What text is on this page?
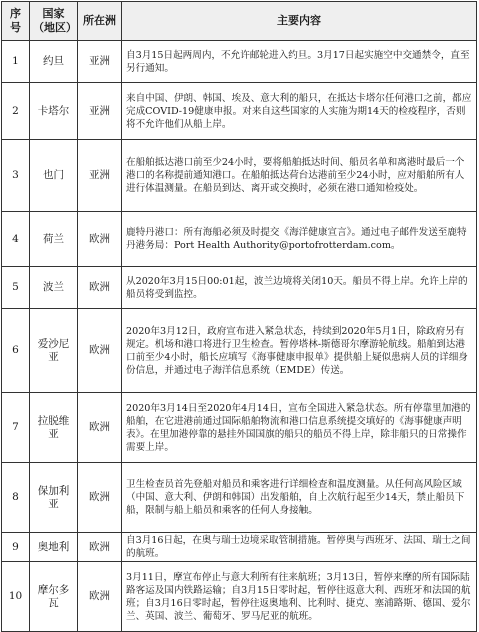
序号	国家（地区）	所在洲	主要内容
1	约旦	亚洲	自3月15日起两周内，不允许邮轮进入约旦。3月17日起实施空中交通禁令，直至另行通知。
2	卡塔尔	亚洲	来自中国、伊朗、韩国、埃及、意大利的船只，在抵达卡塔尔任何港口之前，都应完成COVID-19健康申报。对来自这些国家的人实施为期14天的检疫程序，否则将不允许他们从船上岸。
3	也门	亚洲	在船舶抵达港口前至少24小时，要将船舶抵达时间、船员名单和离港时最后一个港口的名称提前通知港口。在船舶抵达荷台达港前至少24小时，应对船舶所有人进行体温测量。在船员到达、离开或交换时，必须在港口通知检疫处。
4	荷兰	欧洲	鹿特丹港口：所有海船必须及时提交《海洋健康宣言》。通过电子邮件发送至鹿特丹港务局：Port Health Authority@portofrotterdam.com。
5	波兰	欧洲	从2020年3月15日00:01起，波兰边境将关闭10天。船员不得上岸。允许上岸的船员将受到监控。
6	爱沙尼亚	欧洲	2020年3月12日，政府宣布进入紧急状态，持续到2020年5月1日，除政府另有规定。机场和港口将进行卫生检查。暂停塔林-斯德哥尔摩游轮航线。船舶到达港口前至少4小时，船长应填写《海事健康申报单》提供船上疑似患病人员的详细身份信息，并通过电子海洋信息系统（EMDE）传送。
7	拉脱维亚	欧洲	2020年3月14日至2020年4月14日，宣布全国进入紧急状态。所有停靠里加港的船舶，在它进港前通过国际船舶物流和港口信息系统提交填好的《海事健康声明表》。在里加港停靠的悬挂外国国旗的船只的船员不得上岸，除非船只的日常操作需要上岸。
8	保加利亚	欧洲	卫生检查员首先登船对船员和乘客进行详细检查和温度测量。从任何高风险区域（中国、意大利、伊朗和韩国）出发船舶，自上次航行起至少14天，禁止船员下船，限制与船上船员和乘客的任何人身接触。
9	奥地利	欧洲	自3月16日起，在奥与瑞士边境采取管制措施。暂停奥与西班牙、法国、瑞士之间的航班。
10	摩尔多瓦	欧洲	3月11日，摩宣布停止与意大利所有往来航班；3月13日，暂停来摩的所有国际陆路客运及国内铁路运输；自3月15日零时起，暂停往返意大利、西班牙和法国的航班；自3月16日零时起，暂停往返奥地利、比利时、捷克、塞浦路斯、德国、爱尔兰、英国、波兰、葡萄牙、罗马尼亚的航班。
